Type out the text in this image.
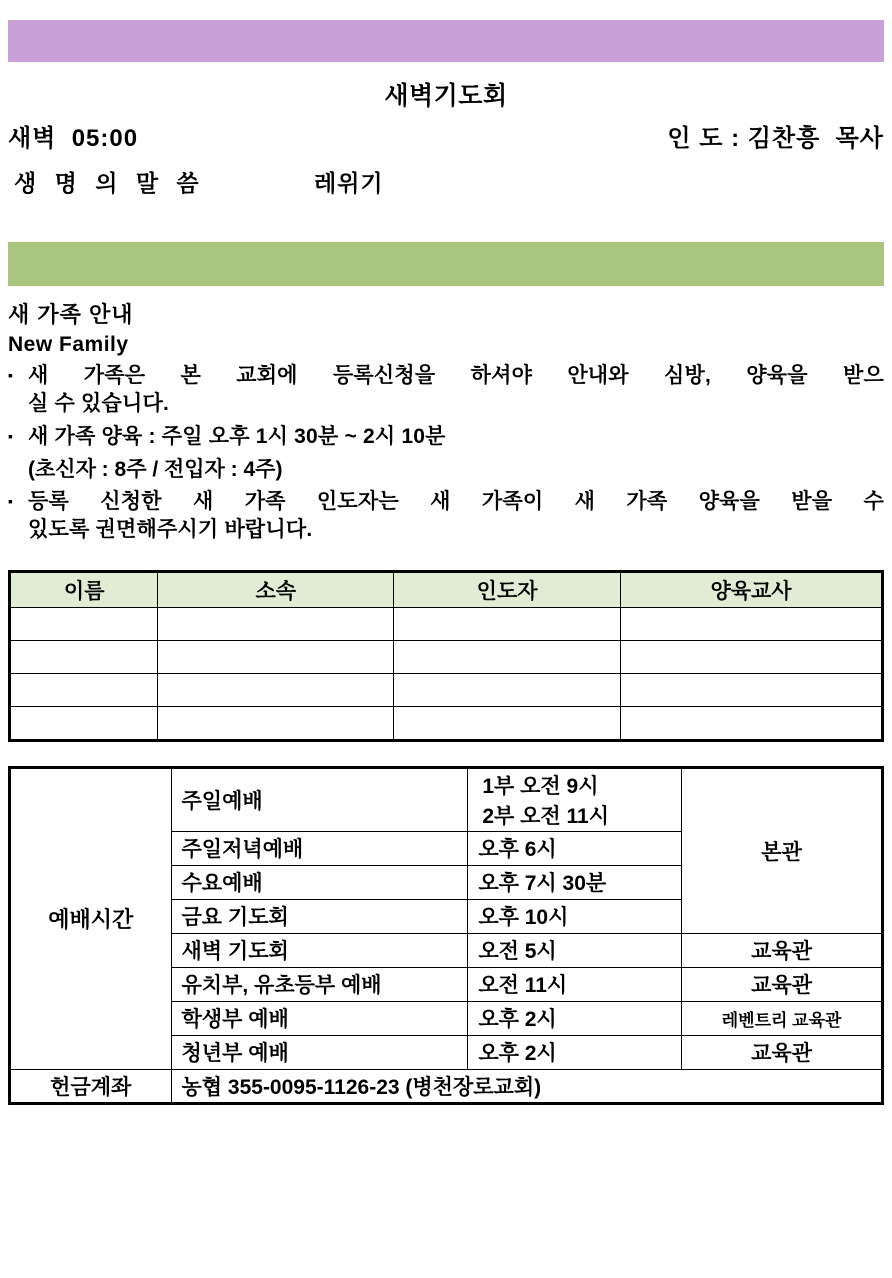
새벽기도회
새벽  05:00	인 도 : 김찬흥  목사
생 명 의 말 씀	레위기
새 가족 안내
New Family
▪ 새 가족은 본 교회에 등록신청을 하셔야 안내와 심방, 양육을 받으
실 수 있습니다.
▪ 새 가족 양육 : 주일 오후 1시 30분 ~ 2시 10분
(초신자 : 8주 / 전입자 : 4주)
▪ 등록 신청한 새 가족 인도자는 새 가족이 새 가족 양육을 받을 수
있도록 권면해주시기 바랍니다.
이름	소속	인도자	양육교사

예배시간	주일예배	1부 오전 9시
2부 오전 11시	본관
	주일저녁예배	오후 6시	
	수요예배	오후 7시 30분	
	금요 기도회	오후 10시	
	새벽 기도회	오전 5시	교육관
	유치부, 유초등부 예배	오전 11시	교육관
	학생부 예배	오후 2시	레벤트리 교육관
	청년부 예배	오후 2시	교육관
헌금계좌	농협 355-0095-1126-23 (병천장로교회)		
